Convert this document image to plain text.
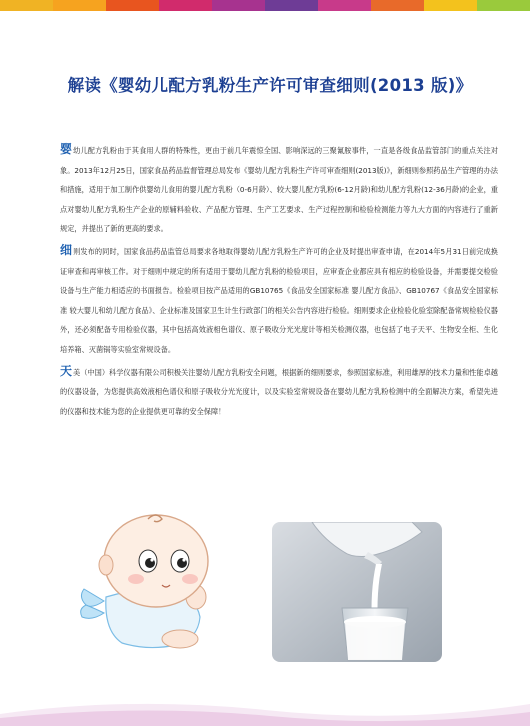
解读《婴幼儿配方乳粉生产许可审查细则(2013 版)》

婴幼儿配方乳粉由于其食用人群的特殊性，更由于前几年震惊全国、影响深远的三聚氰胺事件，一直是各级食品监管部门的重点关注对象。2013年12月25日，国家食品药品监督管理总局发布《婴幼儿配方乳粉生产许可审查细则(2013版)》，新细则参照药品生产管理的办法和措施，适用于加工制作供婴幼儿食用的婴儿配方乳粉（0-6月龄）、较大婴儿配方乳粉(6-12月龄)和幼儿配方乳粉(12-36月龄)的企业，重点对婴幼儿配方乳粉生产企业的原辅料验收、产品配方管理、生产工艺要求、生产过程控制和检验检测能力等九大方面的内容进行了重新规定，并提出了新的更高的要求。

细则发布的同时，国家食品药品监管总局要求各地取得婴幼儿配方乳粉生产许可的企业及时提出审查申请，在2014年5月31日前完成换证审查和再审核工作。对于细则中规定的所有适用于婴幼儿配方乳粉的检验项目，应审查企业都应具有相应的检验设备，并需要提交检验设备与生产能力相适应的书面报告。检验项目按产品适用的GB10765《食品安全国家标准 婴儿配方食品》、GB10767《食品安全国家标准 较大婴儿和幼儿配方食品》、企业标准及国家卫生计生行政部门的相关公告内容进行检验。细则要求企业检验化验室除配备常规检验仪器外，还必须配备专用检验仪器，其中包括高效液相色谱仪、原子吸收分光光度计等相关检测仪器，也包括了电子天平、生物安全柜、生化培养箱、灭菌锅等实验室常规设备。

天美（中国）科学仪器有限公司积极关注婴幼儿配方乳粉安全问题，根据新的细则要求，参照国家标准，利用雄厚的技术力量和性能卓越的仪器设备，为您提供高效液相色谱仪和原子吸收分光光度计，以及实验室常规设备在婴幼儿配方乳粉检测中的全面解决方案，希望先进的仪器和技术能为您的企业提供更可靠的安全保障！
